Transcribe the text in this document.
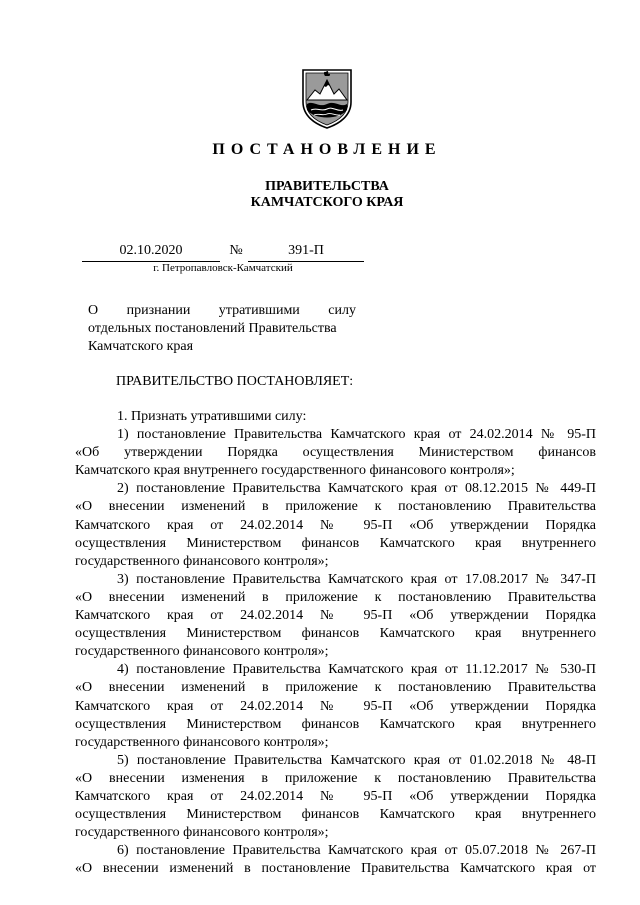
ПОСТАНОВЛЕНИЕ
ПРАВИТЕЛЬСТВА
КАМЧАТСКОГО КРАЯ
02.10.2020	№	391-П
г. Петропавловск-Камчатский
О признании утратившими силу
отдельных постановлений Правительства
Камчатского края
ПРАВИТЕЛЬСТВО ПОСТАНОВЛЯЕТ:
1. Признать утратившими силу:
1) постановление Правительства Камчатского края от 24.02.2014 № 95-П
«Об утверждении Порядка осуществления Министерством финансов
Камчатского края внутреннего государственного финансового контроля»;
2) постановление Правительства Камчатского края от 08.12.2015 № 449-П
«О внесении изменений в приложение к постановлению Правительства
Камчатского края от 24.02.2014 № 95-П «Об утверждении Порядка
осуществления Министерством финансов Камчатского края внутреннего
государственного финансового контроля»;
3) постановление Правительства Камчатского края от 17.08.2017 № 347-П
«О внесении изменений в приложение к постановлению Правительства
Камчатского края от 24.02.2014 № 95-П «Об утверждении Порядка
осуществления Министерством финансов Камчатского края внутреннего
государственного финансового контроля»;
4) постановление Правительства Камчатского края от 11.12.2017 № 530-П
«О внесении изменений в приложение к постановлению Правительства
Камчатского края от 24.02.2014 № 95-П «Об утверждении Порядка
осуществления Министерством финансов Камчатского края внутреннего
государственного финансового контроля»;
5) постановление Правительства Камчатского края от 01.02.2018 № 48-П
«О внесении изменения в приложение к постановлению Правительства
Камчатского края от 24.02.2014 № 95-П «Об утверждении Порядка
осуществления Министерством финансов Камчатского края внутреннего
государственного финансового контроля»;
6) постановление Правительства Камчатского края от 05.07.2018 № 267-П
«О внесении изменений в постановление Правительства Камчатского края от
